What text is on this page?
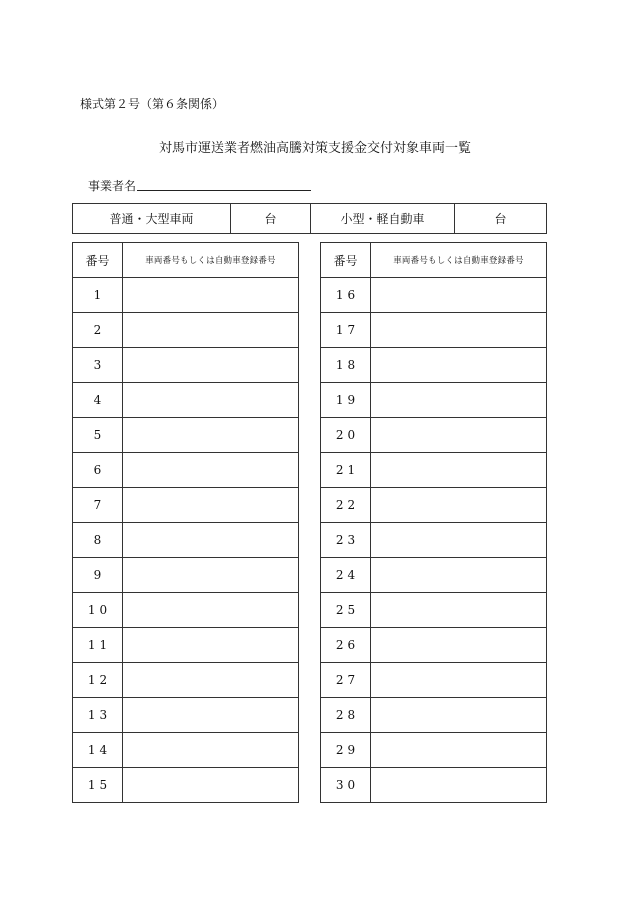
様式第２号（第６条関係）
対馬市運送業者燃油高騰対策支援金交付対象車両一覧
事業者名
普通・大型車両	台	小型・軽自動車	台
番号	車両番号もしくは自動車登録番号
1	
2	
3	
4	
5	
6	
7	
8	
9	
10	
11	
12	
13	
14	
15	
番号	車両番号もしくは自動車登録番号
16	
17	
18	
19	
20	
21	
22	
23	
24	
25	
26	
27	
28	
29	
30	
